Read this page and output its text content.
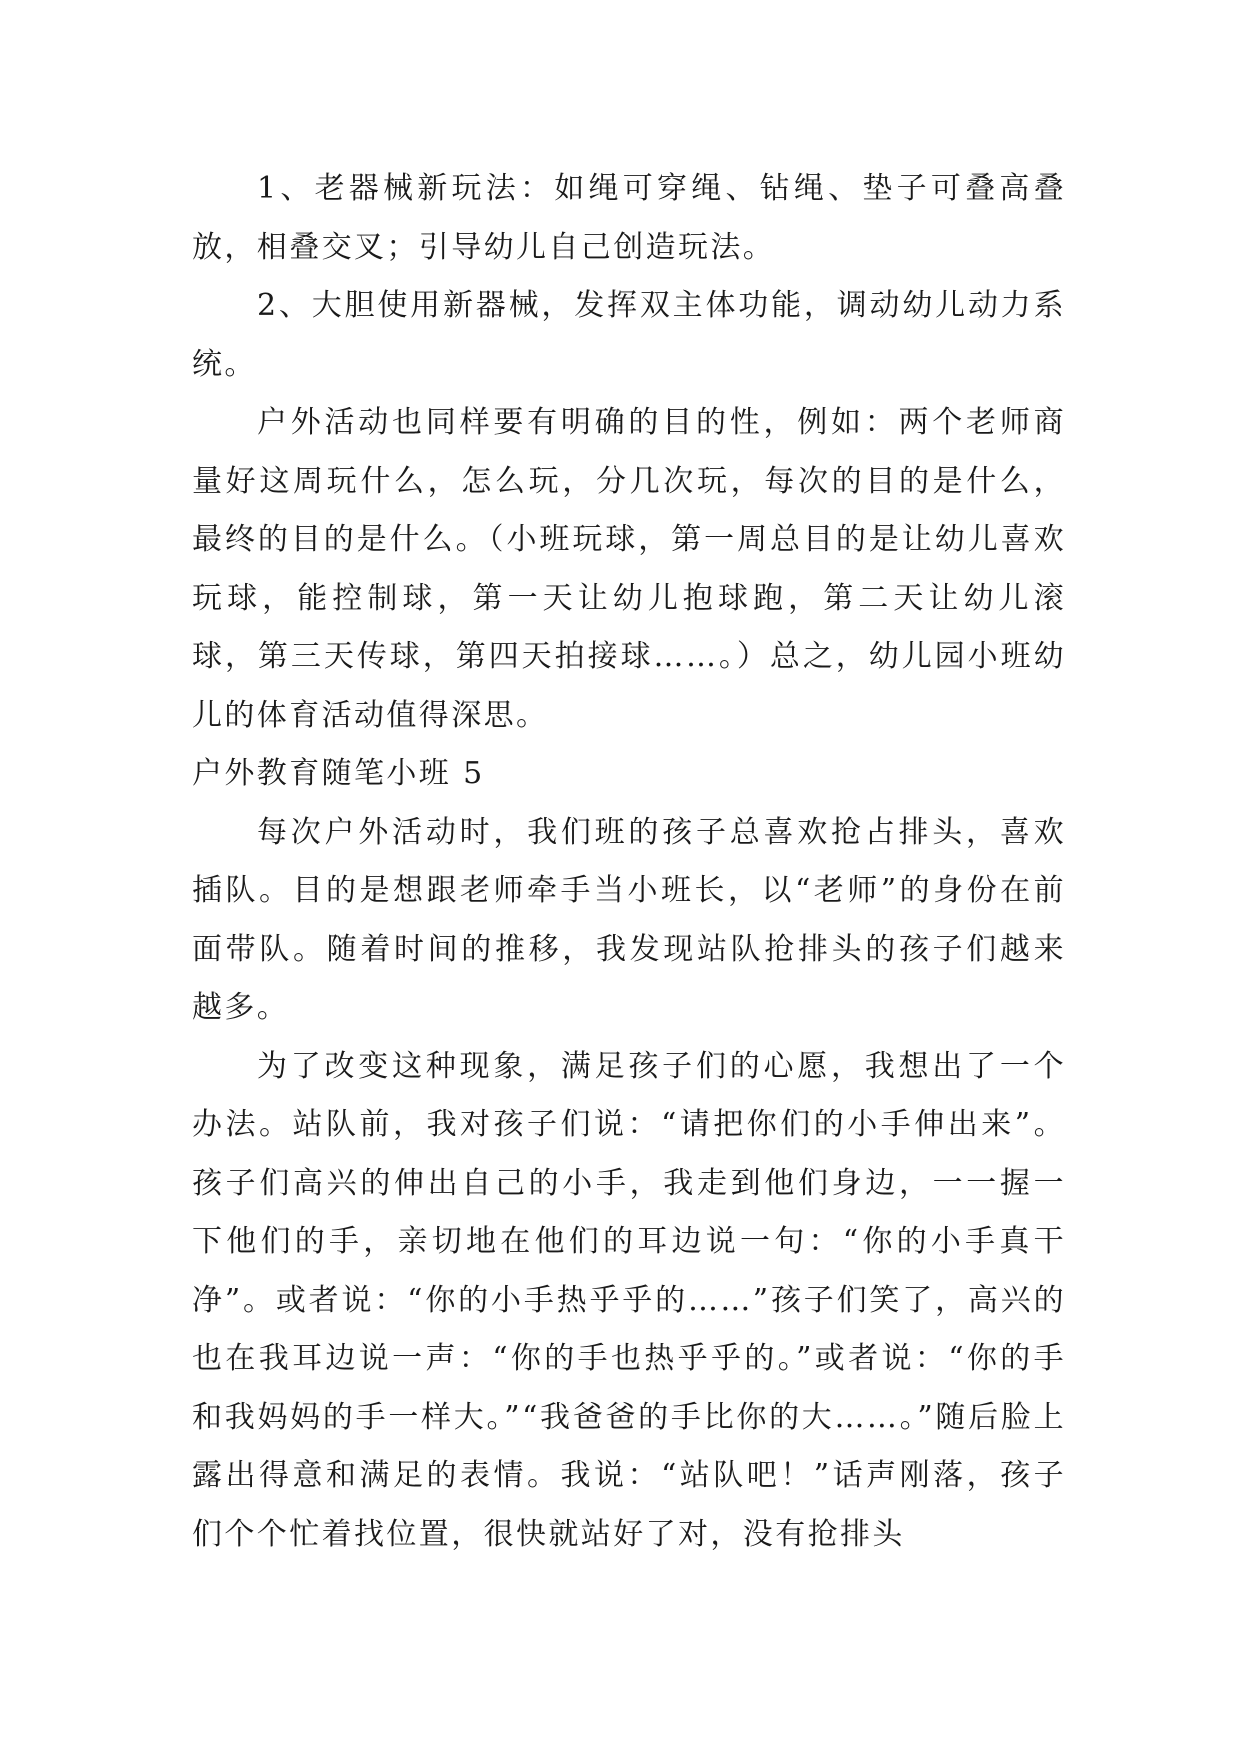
1、老器械新玩法：如绳可穿绳、钻绳、垫子可叠高叠放，相叠交叉；引导幼儿自己创造玩法。

2、大胆使用新器械，发挥双主体功能，调动幼儿动力系统。

户外活动也同样要有明确的目的性，例如：两个老师商量好这周玩什么，怎么玩，分几次玩，每次的目的是什么，最终的目的是什么。（小班玩球，第一周总目的是让幼儿喜欢玩球，能控制球，第一天让幼儿抱球跑，第二天让幼儿滚球，第三天传球，第四天拍接球……。）总之，幼儿园小班幼儿的体育活动值得深思。

户外教育随笔小班 5

每次户外活动时，我们班的孩子总喜欢抢占排头，喜欢插队。目的是想跟老师牵手当小班长，以“老师”的身份在前面带队。随着时间的推移，我发现站队抢排头的孩子们越来越多。

为了改变这种现象，满足孩子们的心愿，我想出了一个办法。站队前，我对孩子们说：“请把你们的小手伸出来”。孩子们高兴的伸出自己的小手，我走到他们身边，一一握一下他们的手，亲切地在他们的耳边说一句：“你的小手真干净”。或者说：“你的小手热乎乎的……”孩子们笑了，高兴的也在我耳边说一声：“你的手也热乎乎的。”或者说：“你的手和我妈妈的手一样大。”“我爸爸的手比你的大……。”随后脸上露出得意和满足的表情。我说：“站队吧！”话声刚落，孩子们个个忙着找位置，很快就站好了对，没有抢排头
